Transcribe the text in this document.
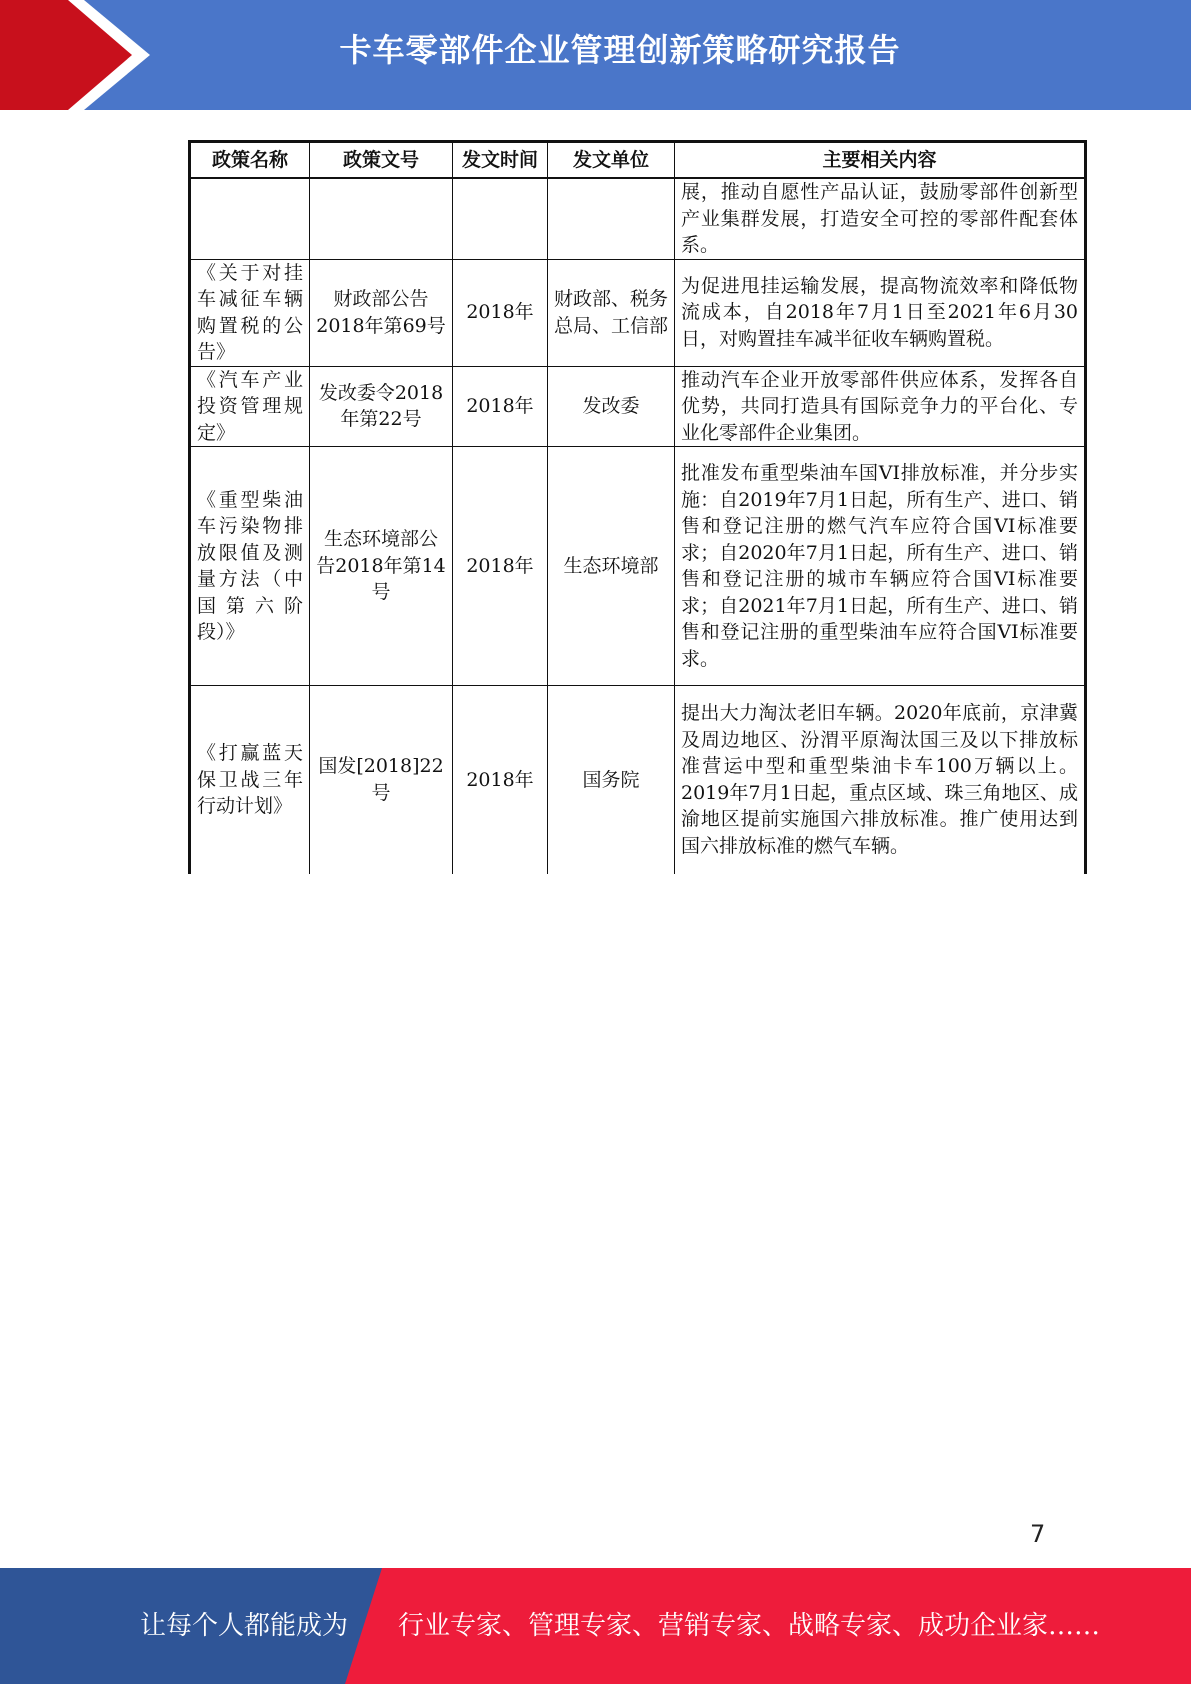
卡车零部件企业管理创新策略研究报告
政策名称	政策文号	发文时间	发文单位	主要相关内容
				展，推动自愿性产品认证，鼓励零部件创新型产业集群发展，打造安全可控的零部件配套体系。
《关于对挂车减征车辆购置税的公告》	财政部公告2018年第69号	2018年	财政部、税务总局、工信部	为促进甩挂运输发展，提高物流效率和降低物流成本，自2018年7月1日至2021年6月30日，对购置挂车减半征收车辆购置税。
《汽车产业投资管理规定》	发改委令2018年第22号	2018年	发改委	推动汽车企业开放零部件供应体系，发挥各自优势，共同打造具有国际竞争力的平台化、专业化零部件企业集团。
《重型柴油车污染物排放限值及测量方法（中国第六阶段）》	生态环境部公告2018年第14号	2018年	生态环境部	批准发布重型柴油车国VI排放标准，并分步实施：自2019年7月1日起，所有生产、进口、销售和登记注册的燃气汽车应符合国VI标准要求；自2020年7月1日起，所有生产、进口、销售和登记注册的城市车辆应符合国VI标准要求；自2021年7月1日起，所有生产、进口、销售和登记注册的重型柴油车应符合国VI标准要求。
《打赢蓝天保卫战三年行动计划》	国发[2018]22号	2018年	国务院	提出大力淘汰老旧车辆。2020年底前，京津冀及周边地区、汾渭平原淘汰国三及以下排放标准营运中型和重型柴油卡车100万辆以上。2019年7月1日起，重点区域、珠三角地区、成渝地区提前实施国六排放标准。推广使用达到国六排放标准的燃气车辆。
7
让每个人都能成为 行业专家、管理专家、营销专家、战略专家、成功企业家……
